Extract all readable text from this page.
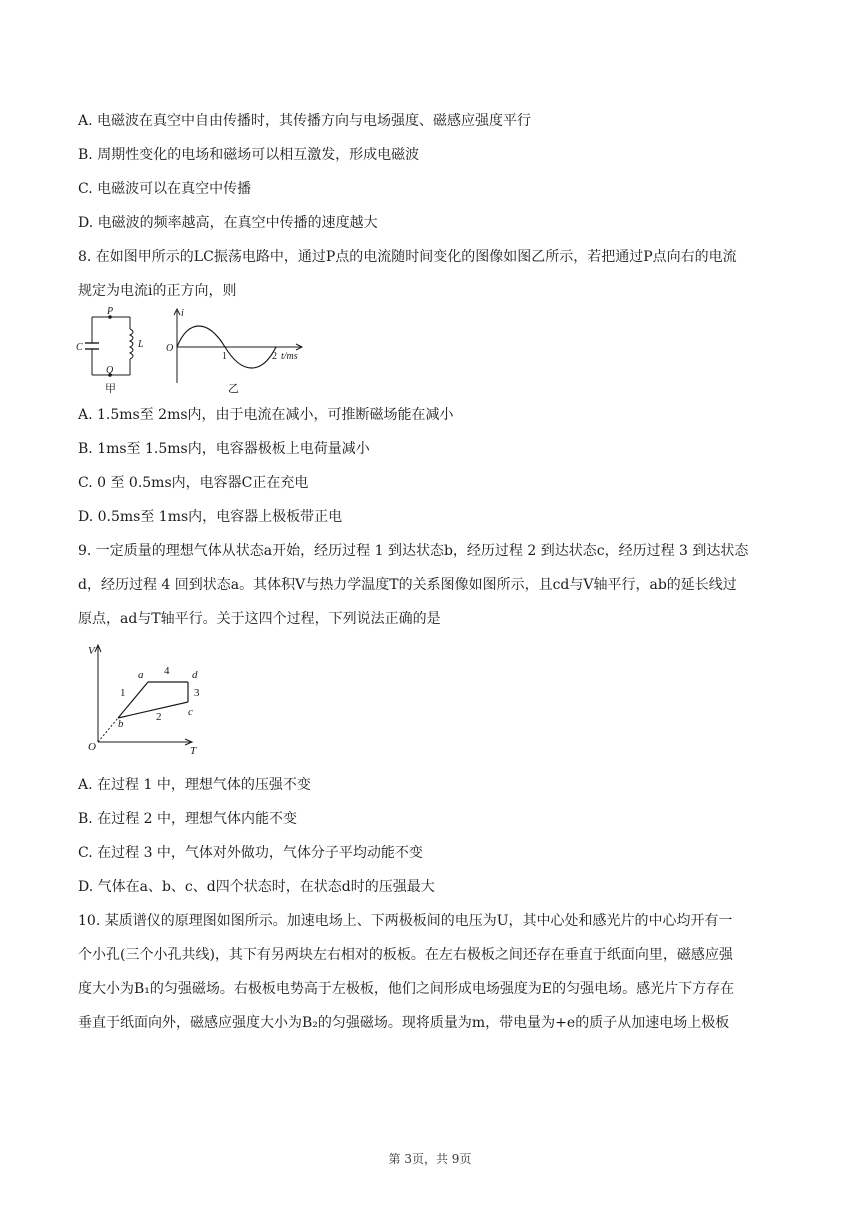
A. 电磁波在真空中自由传播时，其传播方向与电场强度、磁感应强度平行
B. 周期性变化的电场和磁场可以相互激发，形成电磁波
C. 电磁波可以在真空中传播
D. 电磁波的频率越高，在真空中传播的速度越大
8. 在如图甲所示的LC振荡电路中，通过P点的电流随时间变化的图像如图乙所示，若把通过P点向右的电流
规定为电流i的正方向，则
P
C	L
Q
甲
i
O
1	2 t/ms
乙
A. 1.5ms至 2ms内，由于电流在减小，可推断磁场能在减小
B. 1ms至 1.5ms内，电容器极板上电荷量减小
C. 0 至 0.5ms内，电容器C正在充电
D. 0.5ms至 1ms内，电容器上极板带正电
9. 一定质量的理想气体从状态a开始，经历过程 1 到达状态b，经历过程 2 到达状态c，经历过程 3 到达状态
d，经历过程 4 回到状态a。其体积V与热力学温度T的关系图像如图所示，且cd与V轴平行，ab的延长线过
原点，ad与T轴平行。关于这四个过程，下列说法正确的是
V
T
O
a	d
b
c
4
1	3
2
A. 在过程 1 中，理想气体的压强不变
B. 在过程 2 中，理想气体内能不变
C. 在过程 3 中，气体对外做功，气体分子平均动能不变
D. 气体在a、b、c、d四个状态时，在状态d时的压强最大
10. 某质谱仪的原理图如图所示。加速电场上、下两极板间的电压为U，其中心处和感光片的中心均开有一
个小孔(三个小孔共线)，其下有另两块左右相对的板板。在左右极板之间还存在垂直于纸面向里，磁感应强
度大小为B₁的匀强磁场。右极板电势高于左极板，他们之间形成电场强度为E的匀强电场。感光片下方存在
垂直于纸面向外，磁感应强度大小为B₂的匀强磁场。现将质量为m，带电量为+e的质子从加速电场上极板
第 3页，共 9页
